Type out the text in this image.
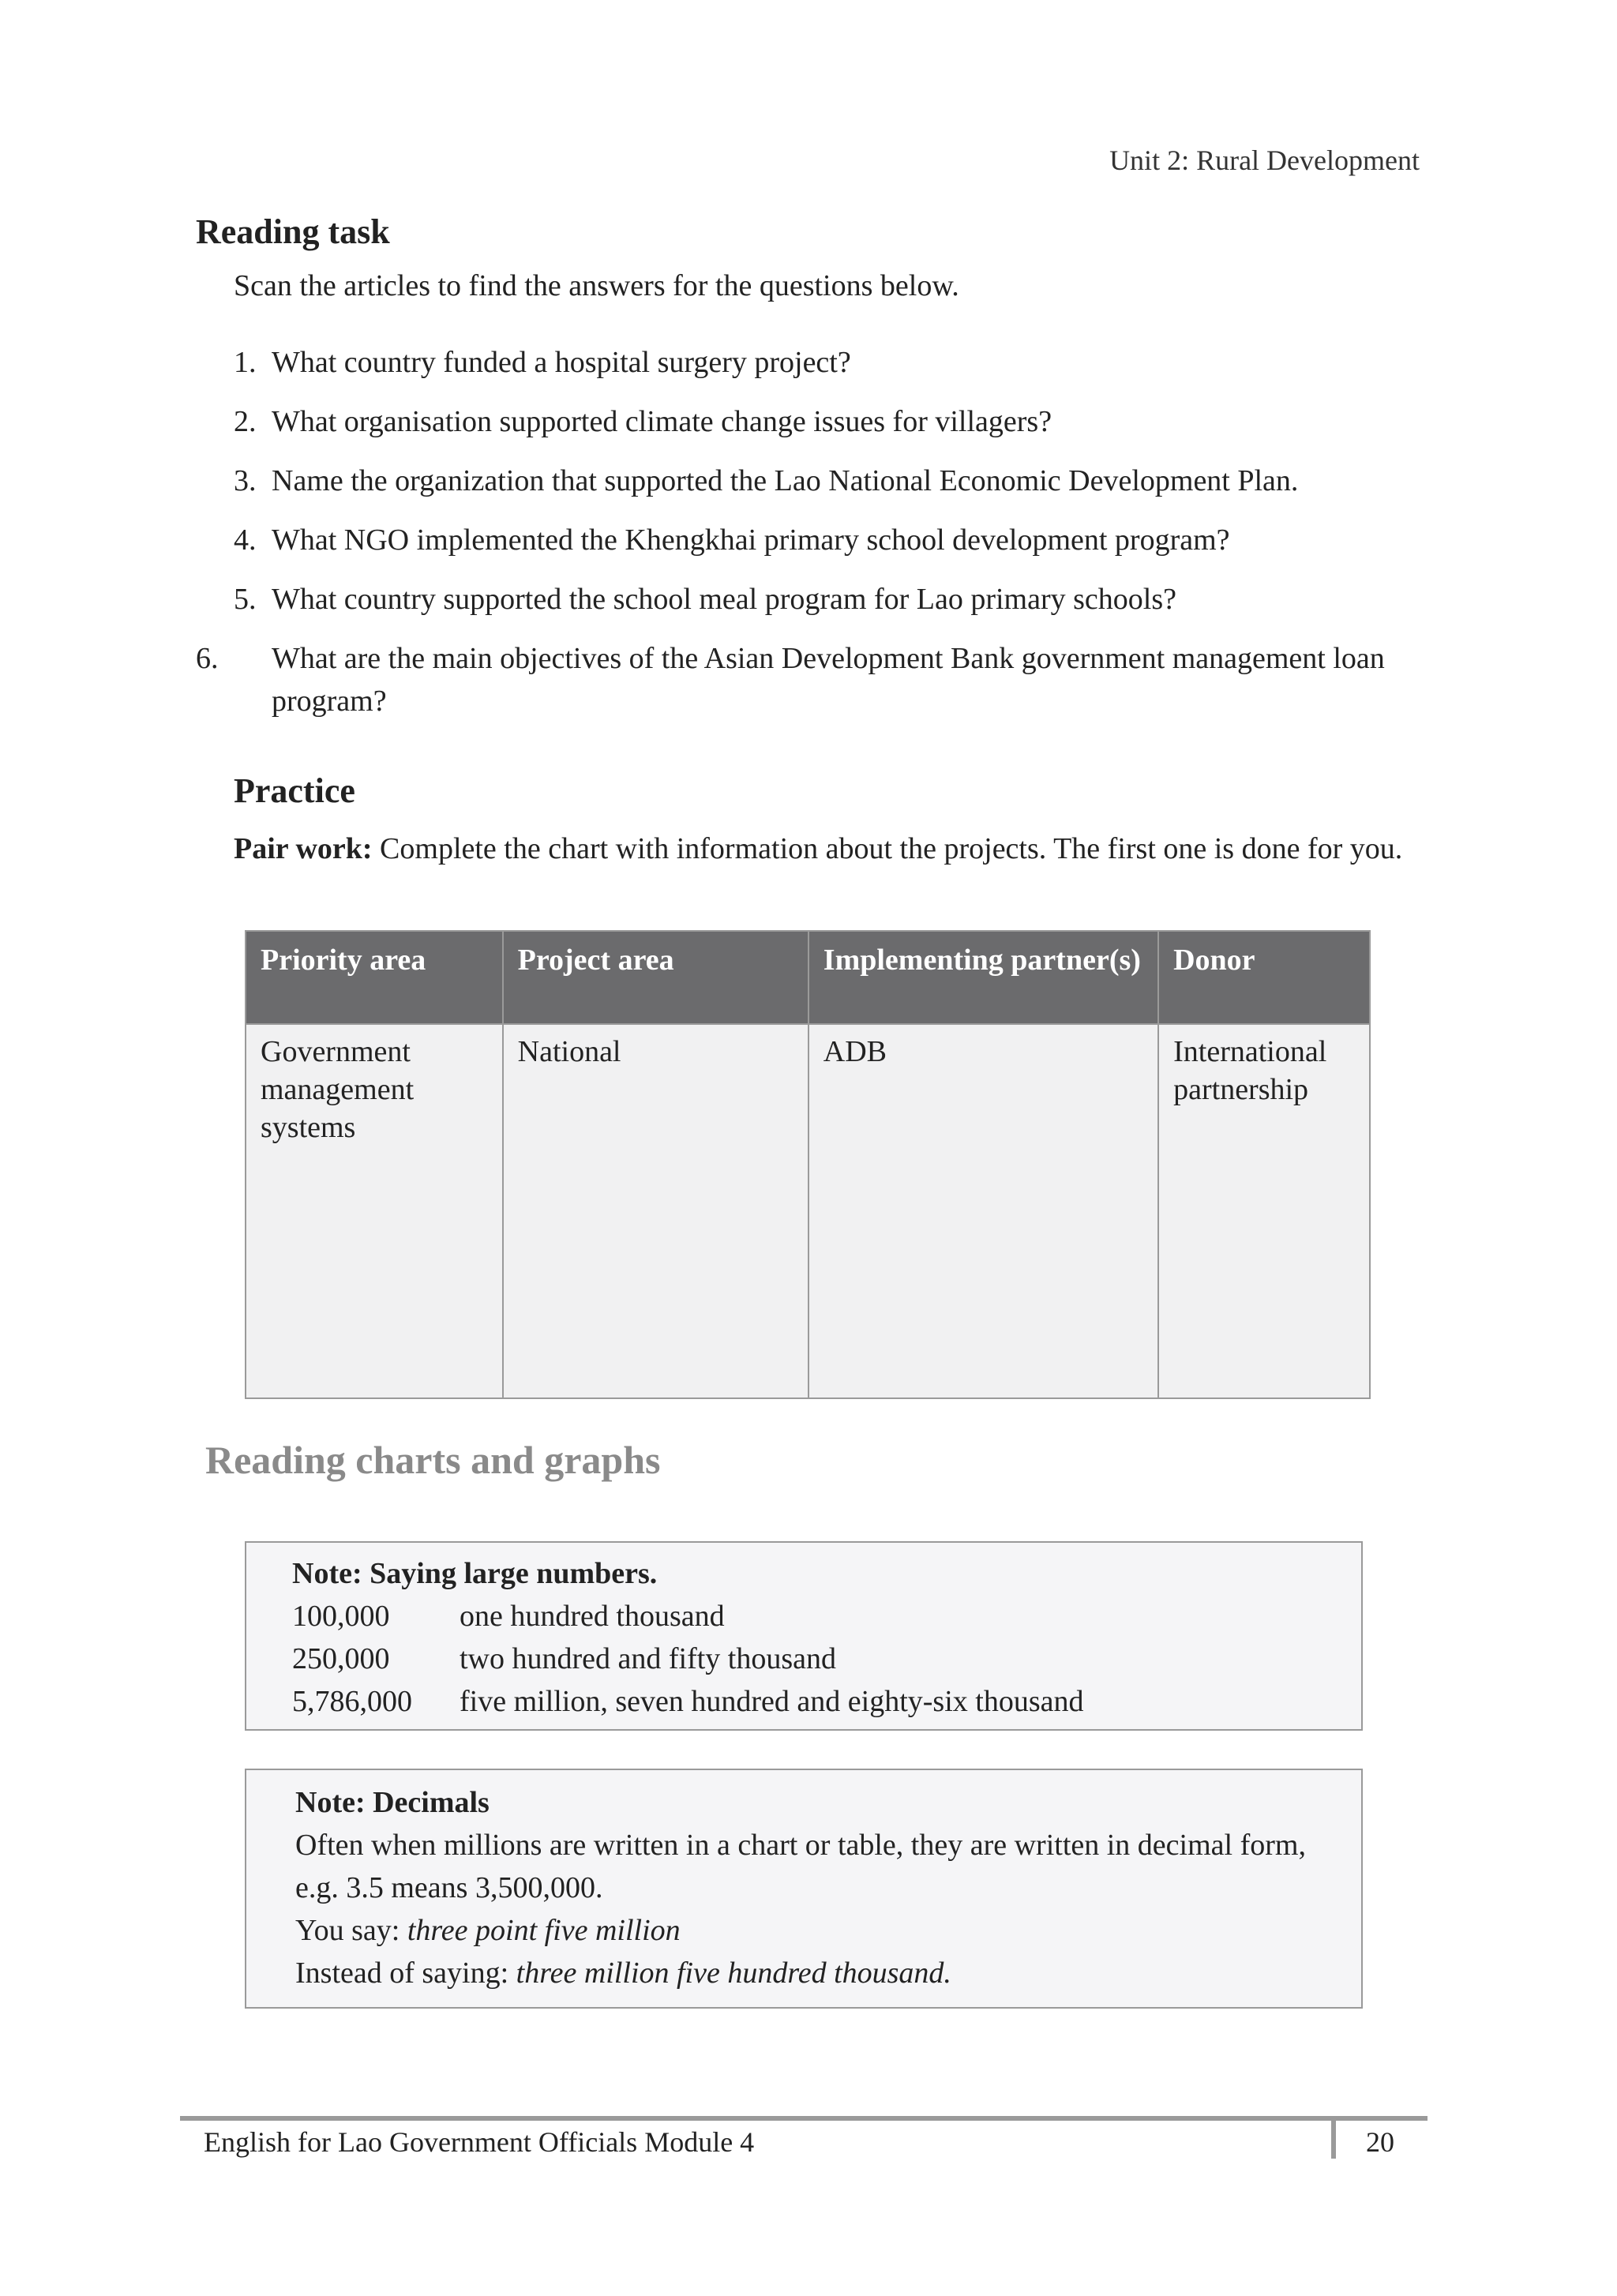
Unit 2: Rural Development
Reading task
Scan the articles to find the answers for the questions below.
1. What country funded a hospital surgery project?
2. What organisation supported climate change issues for villagers?
3. Name the organization that supported the Lao National Economic Development Plan.
4. What NGO implemented the Khengkhai primary school development program?
5. What country supported the school meal program for Lao primary schools?
6. What are the main objectives of the Asian Development Bank government management loan program?
Practice
Pair work: Complete the chart with information about the projects. The first one is done for you.
Priority area	Project area	Implementing partner(s)	Donor
Government management systems	National	ADB	International partnership
Reading charts and graphs
Note: Saying large numbers.
100,000 one hundred thousand
250,000 two hundred and fifty thousand
5,786,000 five million, seven hundred and eighty-six thousand
Note: Decimals
Often when millions are written in a chart or table, they are written in decimal form, e.g. 3.5 means 3,500,000.
You say: three point five million
Instead of saying: three million five hundred thousand.
English for Lao Government Officials Module 4	20
